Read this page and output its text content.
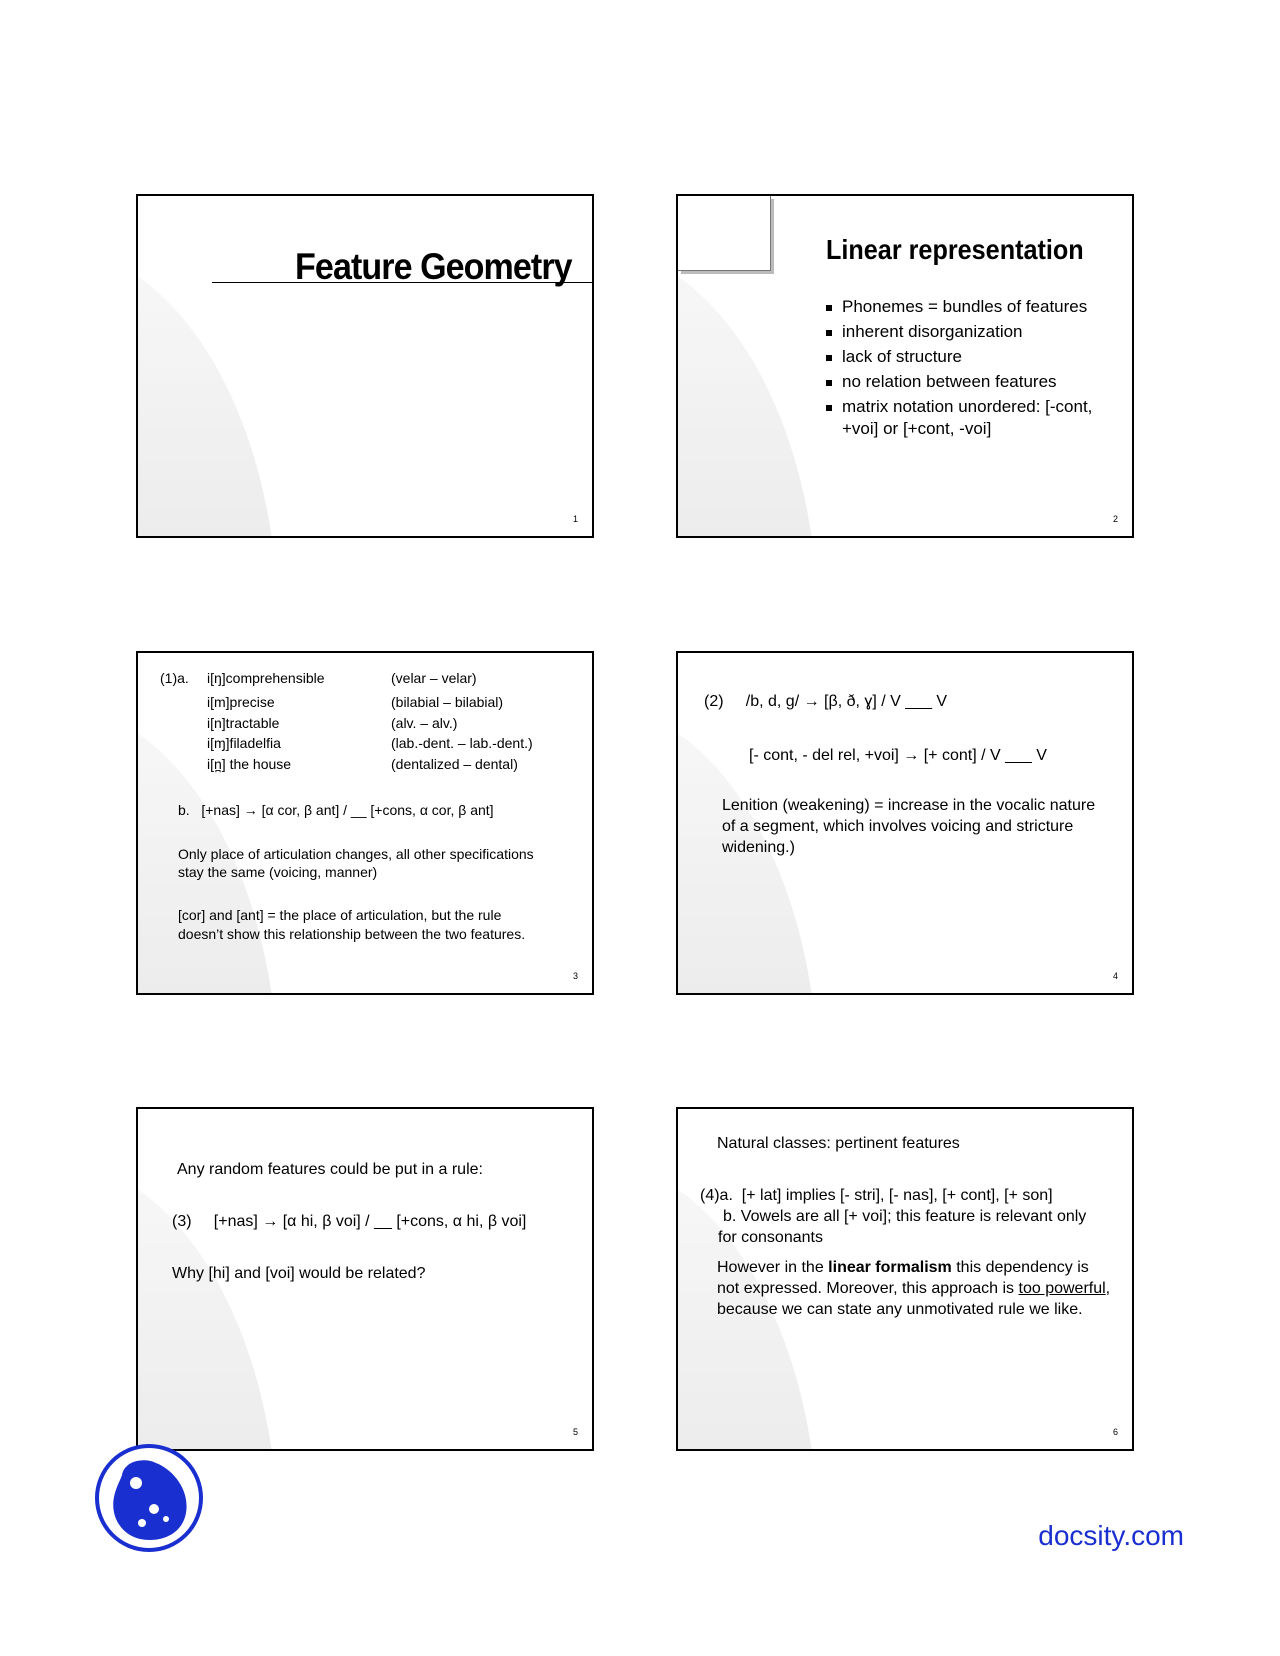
Feature Geometry
1
Linear representation
Phonemes = bundles of features
inherent disorganization
lack of structure
no relation between features
matrix notation unordered: [-cont, +voi] or [+cont, -voi]
2
(1)a. i[ŋ]comprehensible	(velar – velar)
i[m]precise	(bilabial – bilabial)
i[n]tractable	(alv. – alv.)
i[ɱ]filadelfia	(lab.-dent. – lab.-dent.)
i[n̪] the house	(dentalized – dental)
b.   [+nas] → [α cor, β ant] / __ [+cons, α cor, β ant]
Only place of articulation changes, all other specifications
stay the same (voicing, manner)
[cor] and [ant] = the place of articulation, but the rule
doesn’t show this relationship between the two features.
3
(2)     /b, d, g/ → [β, ð, ɣ] / V ___ V
[- cont, - del rel, +voi] → [+ cont] / V ___ V
Lenition (weakening) = increase in the vocalic nature of a segment, which involves voicing and stricture widening.)
4
Any random features could be put in a rule:
(3)     [+nas] → [α hi, β voi] / __ [+cons, α hi, β voi]
Why [hi] and [voi] would be related?
5
Natural classes: pertinent features
(4)a.  [+ lat] implies [- stri], [- nas], [+ cont], [+ son]
b. Vowels are all [+ voi]; this feature is relevant only for consonants
However in the linear formalism this dependency is not expressed. Moreover, this approach is too powerful, because we can state any unmotivated rule we like.
6
docsity.com
